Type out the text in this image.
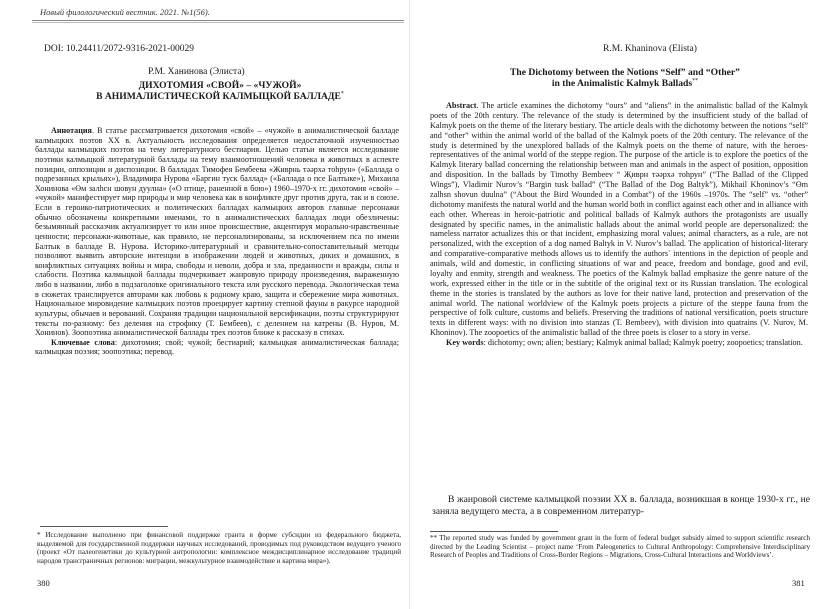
Новый филологический вестник. 2021. №1(56).
DOI: 10.24411/2072-9316-2021-00029
Р.М. Ханинова (Элиста)
ДИХОТОМИЯ «СВОЙ» – «ЧУЖОЙ»
В АНИМАЛИСТИЧЕСКОЙ КАЛМЫЦКОЙ БАЛЛАДЕ*

Аннотация. В статье рассматривается дихотомия «свой» – «чужой» в анималистической балладе калмыцких поэтов XX в. Актуальность исследования определяется недостаточной изученностью баллады калмыцких поэтов на тему литературного бестиария. Целью статьи является исследование поэтики калмыцкой литературной баллады на тему взаимоотношений человека и животных в аспекте позиции, оппозиции и диспозиции. В балладах Тимофея Бембеева «Живрнь тәәрхә тоhрун» («Баллада о подрезанных крыльях»), Владимира Нурова «Баргин туск баллад» («Баллада о псе Балтыке»), Михаила Хонинова «Өм залhсн шовун дуулна» («О птице, раненной в бою») 1960–1970-х гг. дихотомия «свой» – «чужой» манифестирует мир природы и мир человека как в конфликте друг против друга, так и в союзе. Если в героико-патриотических и политических балладах калмыцких авторов главные персонажи обычно обозначены конкретными именами, то в анималистических балладах люди обезличены: безымянный рассказчик актуализирует то или иное происшествие, акцентируя морально-нравственные ценности; персонажи-животные, как правило, не персонализированы, за исключением пса по имени Балтык в балладе В. Нурова. Историко-литературный и сравнительно-сопоставительный методы позволяют выявить авторские интенции в изображении людей и животных, диких и домашних, в конфликтных ситуациях войны и мира, свободы и неволи, добра и зла, преданности и вражды, силы и слабости. Поэтика калмыцкой баллады подчеркивает жанровую природу произведения, выраженную либо в названии, либо в подзаголовке оригинального текста или русского перевода. Экологическая тема в сюжетах транслируется авторами как любовь к родному краю, защита и сбережение мира животных. Национальное мировидение калмыцких поэтов проецирует картину степной фауны в ракурсе народной культуры, обычаев и верований. Сохраняя традиции национальной версификации, поэты структурируют тексты по-разному: без деления на строфику (Т. Бембеев), с делением на катрены (В. Нуров, М. Хонинов). Зоопоэтика анималистической баллады трех поэтов ближе к рассказу в стихах.

Ключевые слова: дихотомия; свой; чужой; бестиарий; калмыцкая анималистическая баллада; калмыцкая поэзия; зоопоэтика; перевод.

* Исследование выполнено при финансовой поддержке гранта в форме субсидии из федерального бюджета, выделяемой для государственной поддержки научных исследований, проводимых под руководством ведущего ученого (проект «От палеогенетики до культурной антропологии: комплексное междисциплинарное исследование традиций народов трансграничных регионов: миграции, межкультурное взаимодействие и картина мира»).
380
R.M. Khaninova (Elista)
The Dichotomy between the Notions “Self” and “Other”
in the Animalistic Kalmyk Ballads**

Abstract. The article examines the dichotomy “ours” and “aliens” in the animalistic ballad of the Kalmyk poets of the 20th century. The relevance of the study is determined by the insufficient study of the ballad of Kalmyk poets on the theme of the literary bestiary. The article deals with the dichotomy between the notions “self” and “other” within the animal world of the ballad of the Kalmyk poets of the 20th century. The relevance of the study is determined by the unexplored ballads of the Kalmyk poets on the theme of nature, with the heroes-representatives of the animal world of the steppe region. The purpose of the article is to explore the poetics of the Kalmyk literary ballad concerning the relationship between man and animals in the aspect of position, opposition and disposition. In the ballads by Timothy Bembeev “ Җиврн тәәрхә тоhрун” (“The Ballad of the Clipped Wings”), Vladimir Nurov’s “Bargin tusk ballad” (“The Ballad of the Dog Baltyk”), Mikhail Khoninov’s “Өm zalhsn shovun duulna” (“About the Bird Wounded in a Combat”) of the 1960s –1970s. The “self” vs. “other” dichotomy manifests the natural world and the human world both in conflict against each other and in alliance with each other. Whereas in heroic-patriotic and political ballads of Kalmyk authors the protagonists are usually designated by specific names, in the animalistic ballads about the animal world people are depersonalized: the nameless narrator actualizes this or that incident, emphasizing moral values; animal characters, as a rule, are not personalized, with the exception of a dog named Baltyk in V. Nurov’s ballad. The application of historical-literary and comparative-comparative methods allows us to identify the authors` intentions in the depiction of people and animals, wild and domestic, in conflicting situations of war and peace, freedom and bondage, good and evil, loyalty and enmity, strength and weakness. The poetics of the Kalmyk ballad emphasize the genre nature of the work, expressed either in the title or in the subtitle of the original text or its Russian translation. The ecological theme in the stories is translated by the authors as love for their native land, protection and preservation of the animal world. The national worldview of the Kalmyk poets projects a picture of the steppe fauna from the perspective of folk culture, customs and beliefs. Preserving the traditions of national versification, poets structure texts in different ways: with no division into stanzas (T. Bembeev), with division into quatrains (V. Nurov, M. Khoninov). The zoopoetics of the animalistic ballad of the three poets is closer to a story in verse.

Key words: dichotomy; own; alien; bestiary; Kalmyk animal ballad; Kalmyk poetry; zoopoetics; translation.

В жанровой системе калмыцкой поэзии XX в. баллада, возникшая в конце 1930-х гг., не заняла ведущего места, а в современном литератур-
** The reported study was funded by government grant in the form of federal budget subsidy aimed to support scientific research directed by the Leading Scientist – project name ‘From Paleogenetics to Cultural Anthropology: Comprehensive Interdisciplinary Research of Peoples and Traditions of Cross-Border Regions – Migrations, Cross-Cultural Interactions and Worldviews’.
381
